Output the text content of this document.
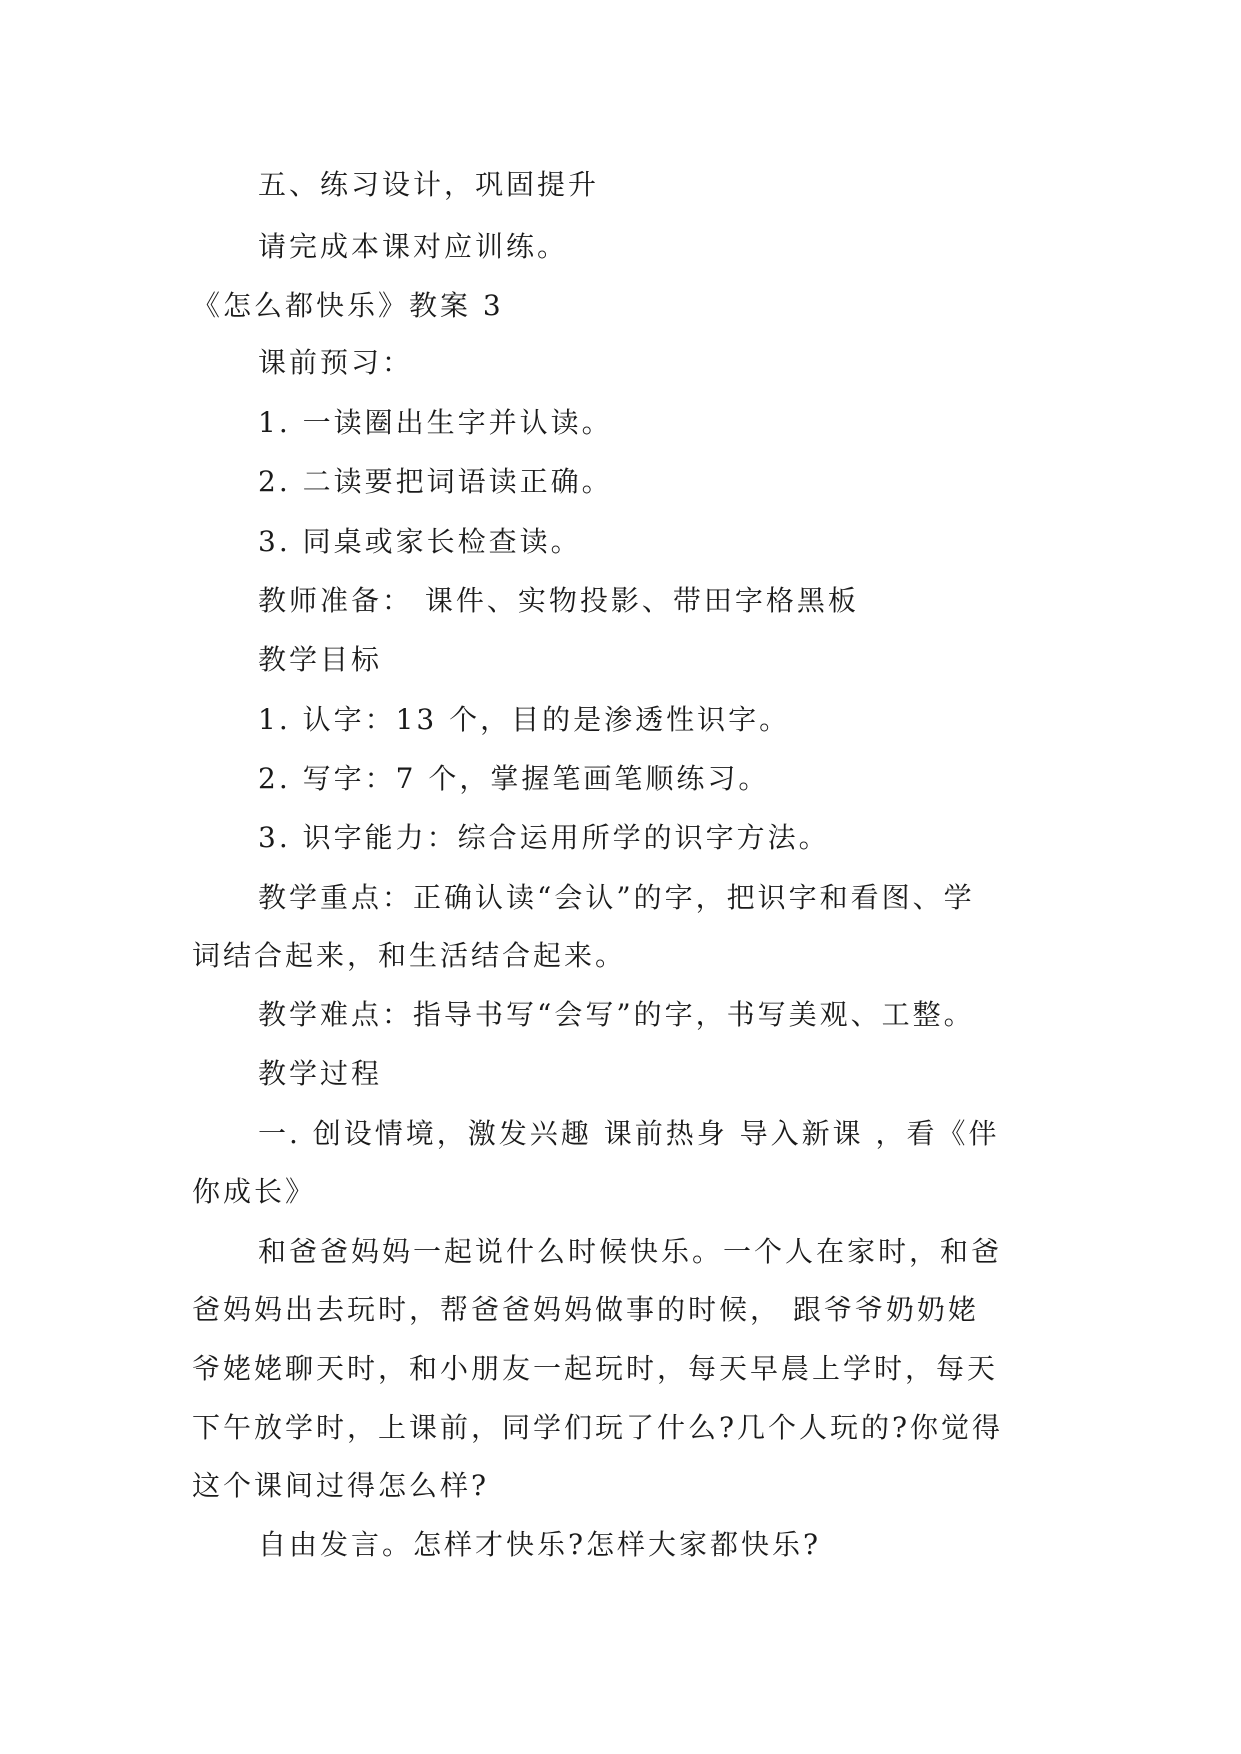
五、练习设计，巩固提升
请完成本课对应训练。
《怎么都快乐》教案 3
课前预习：
1. 一读圈出生字并认读。
2. 二读要把词语读正确。
3. 同桌或家长检查读。
教师准备： 课件、实物投影、带田字格黑板
教学目标
1. 认字：13 个，目的是渗透性识字。
2. 写字：7 个，掌握笔画笔顺练习。
3. 识字能力：综合运用所学的识字方法。
教学重点：正确认读“会认”的字，把识字和看图、学
词结合起来，和生活结合起来。
教学难点：指导书写“会写”的字，书写美观、工整。
教学过程
一. 创设情境，激发兴趣 课前热身 导入新课 ，看《伴
你成长》
和爸爸妈妈一起说什么时候快乐。一个人在家时，和爸
爸妈妈出去玩时，帮爸爸妈妈做事的时候， 跟爷爷奶奶姥
爷姥姥聊天时，和小朋友一起玩时，每天早晨上学时，每天
下午放学时，上课前，同学们玩了什么?几个人玩的?你觉得
这个课间过得怎么样?
自由发言。怎样才快乐?怎样大家都快乐?
